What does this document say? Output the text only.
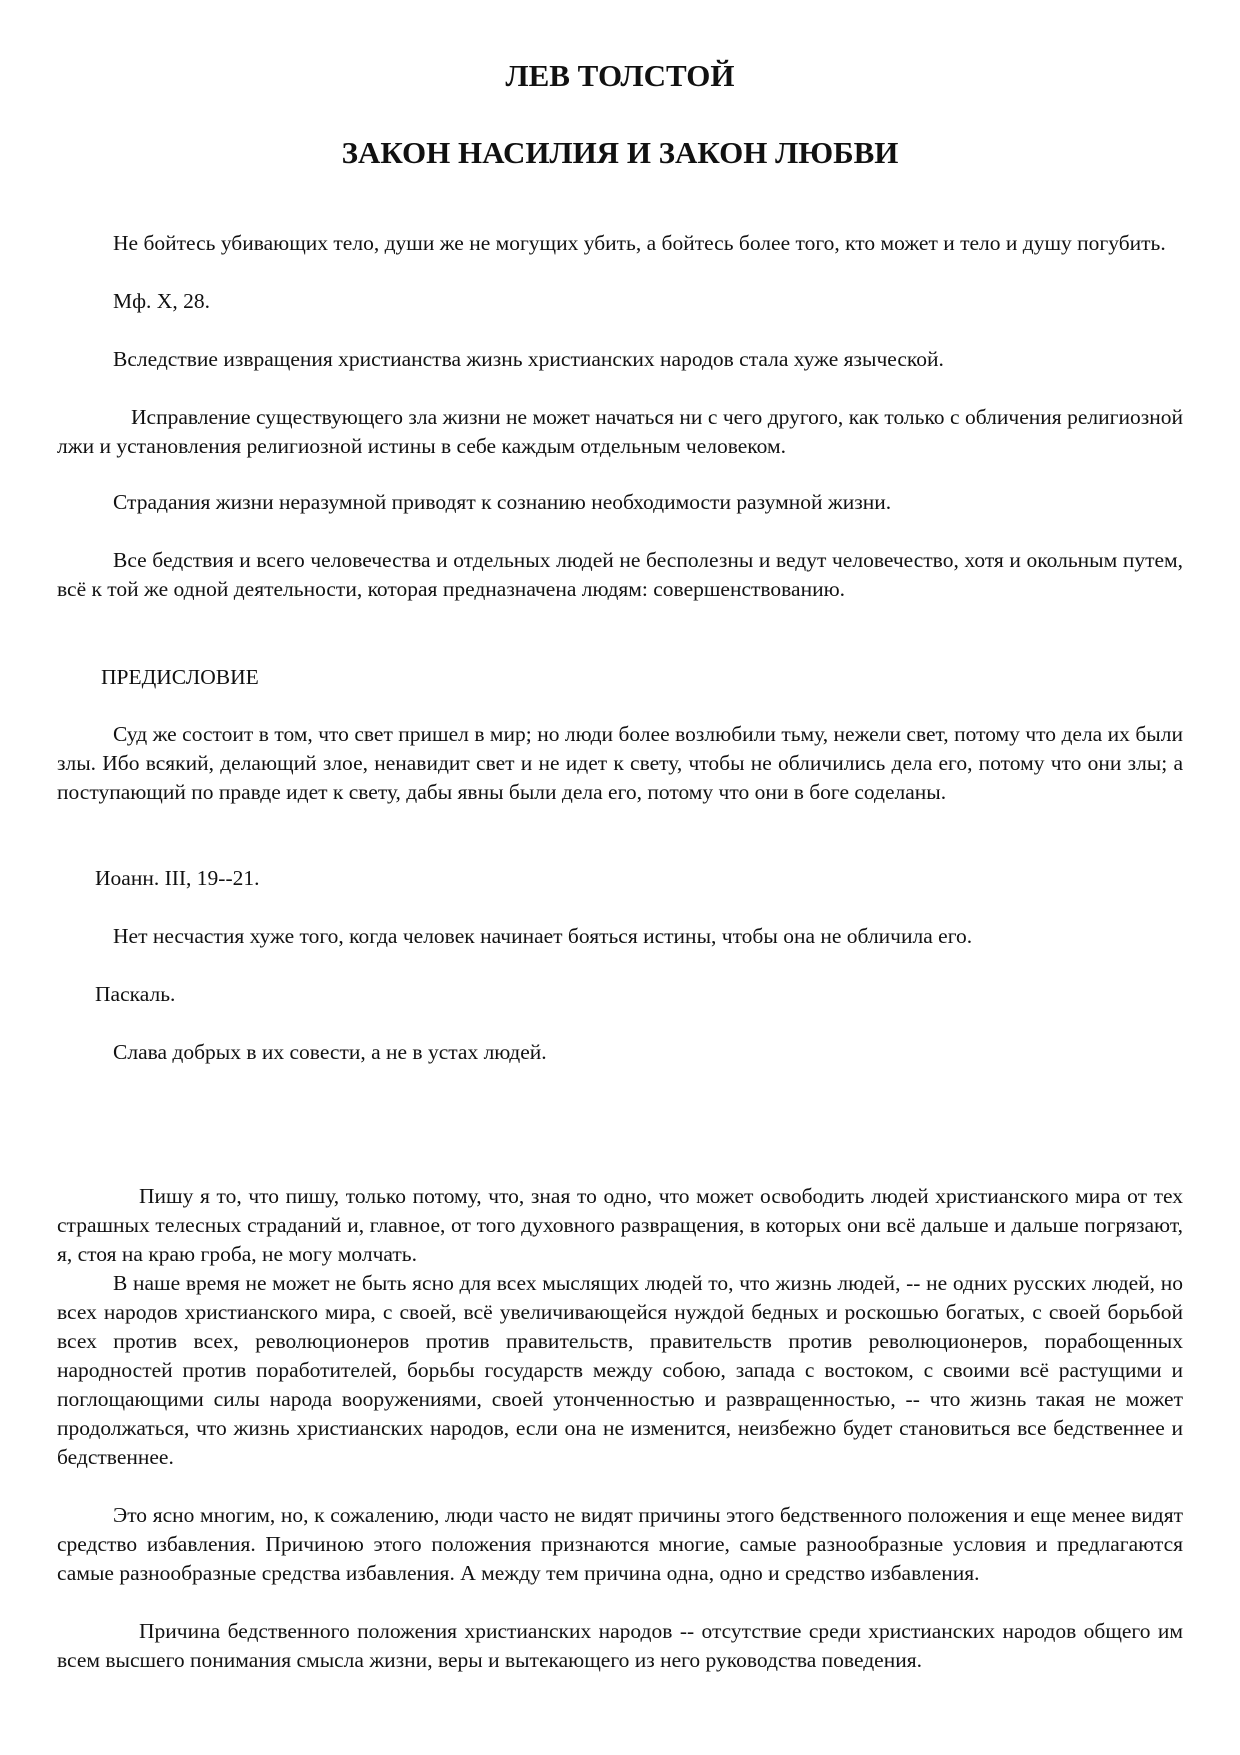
ЛЕВ ТОЛСТОЙ
ЗАКОН НАСИЛИЯ И ЗАКОН ЛЮБВИ

Не бойтесь убивающих тело, души же не могущих убить, а бойтесь более того, кто может и тело и душу погубить.

Мф. X, 28.

Вследствие извращения христианства жизнь христианских народов стала хуже языческой.

Исправление существующего зла жизни не может начаться ни с чего другого, как только с обличения религиозной лжи и установления религиозной истины в себе каждым отдельным человеком.

Страдания жизни неразумной приводят к сознанию необходимости разумной жизни.

Все бедствия и всего человечества и отдельных людей не бесполезны и ведут человечество, хотя и окольным путем, всё к той же одной деятельности, которая предназначена людям: совершенствованию.

ПРЕДИСЛОВИЕ

Суд же состоит в том, что свет пришел в мир; но люди более возлюбили тьму, нежели свет, потому что дела их были злы. Ибо всякий, делающий злое, ненавидит свет и не идет к свету, чтобы не обличились дела его, потому что они злы; а поступающий по правде идет к свету, дабы явны были дела его, потому что они в боге соделаны.

Иоанн. III, 19--21.

Нет несчастия хуже того, когда человек начинает бояться истины, чтобы она не обличила его.

Паскаль.

Слава добрых в их совести, а не в устах людей.

Пишу я то, что пишу, только потому, что, зная то одно, что может освободить людей христианского мира от тех страшных телесных страданий и, главное, от того духовного развращения, в которых они всё дальше и дальше погрязают, я, стоя на краю гроба, не могу молчать.

В наше время не может не быть ясно для всех мыслящих людей то, что жизнь людей, -- не одних русских людей, но всех народов христианского мира, с своей, всё увеличивающейся нуждой бедных и роскошью богатых, с своей борьбой всех против всех, революционеров против правительств, правительств против революционеров, порабощенных народностей против поработителей, борьбы государств между собою, запада с востоком, с своими всё растущими и поглощающими силы народа вооружениями, своей утонченностью и развращенностью, -- что жизнь такая не может продолжаться, что жизнь христианских народов, если она не изменится, неизбежно будет становиться все бедственнее и бедственнее.

Это ясно многим, но, к сожалению, люди часто не видят причины этого бедственного положения и еще менее видят средство избавления. Причиною этого положения признаются многие, самые разнообразные условия и предлагаются самые разнообразные средства избавления. А между тем причина одна, одно и средство избавления.

Причина бедственного положения христианских народов -- отсутствие среди христианских народов общего им всем высшего понимания смысла жизни, веры и вытекающего из него руководства поведения.
